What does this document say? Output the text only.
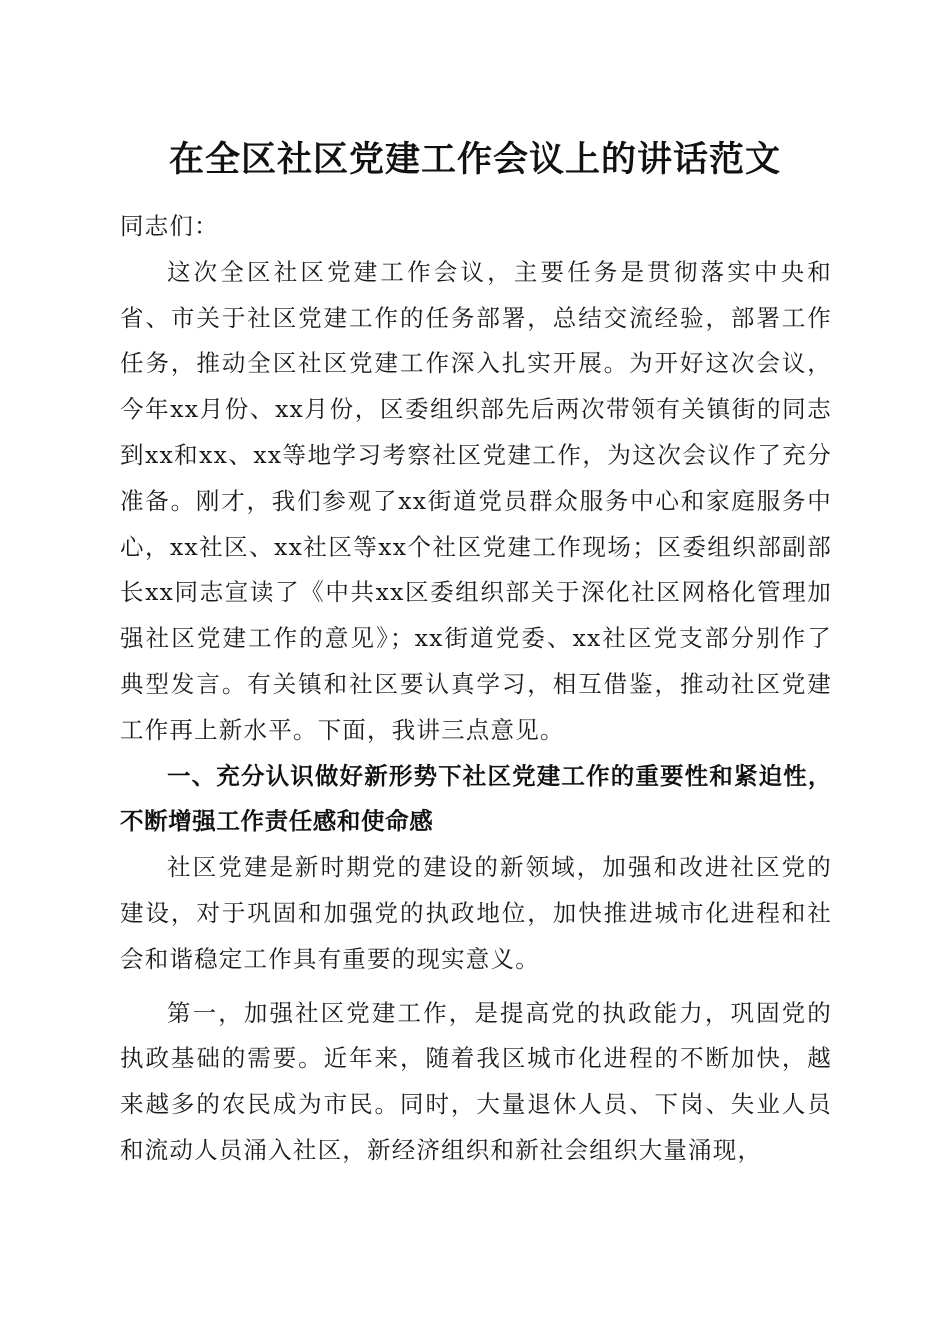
在全区社区党建工作会议上的讲话范文

同志们：

这次全区社区党建工作会议，主要任务是贯彻落实中央和省、市关于社区党建工作的任务部署，总结交流经验，部署工作任务，推动全区社区党建工作深入扎实开展。为开好这次会议，今年xx月份、xx月份，区委组织部先后两次带领有关镇街的同志到xx和xx、xx等地学习考察社区党建工作，为这次会议作了充分准备。刚才，我们参观了xx街道党员群众服务中心和家庭服务中心，xx社区、xx社区等xx个社区党建工作现场；区委组织部副部长xx同志宣读了《中共xx区委组织部关于深化社区网格化管理加强社区党建工作的意见》；xx街道党委、xx社区党支部分别作了典型发言。有关镇和社区要认真学习，相互借鉴，推动社区党建工作再上新水平。下面，我讲三点意见。

一、充分认识做好新形势下社区党建工作的重要性和紧迫性，不断增强工作责任感和使命感

社区党建是新时期党的建设的新领域，加强和改进社区党的建设，对于巩固和加强党的执政地位，加快推进城市化进程和社会和谐稳定工作具有重要的现实意义。

第一，加强社区党建工作，是提高党的执政能力，巩固党的执政基础的需要。近年来，随着我区城市化进程的不断加快，越来越多的农民成为市民。同时，大量退休人员、下岗、失业人员和流动人员涌入社区，新经济组织和新社会组织大量涌现，
